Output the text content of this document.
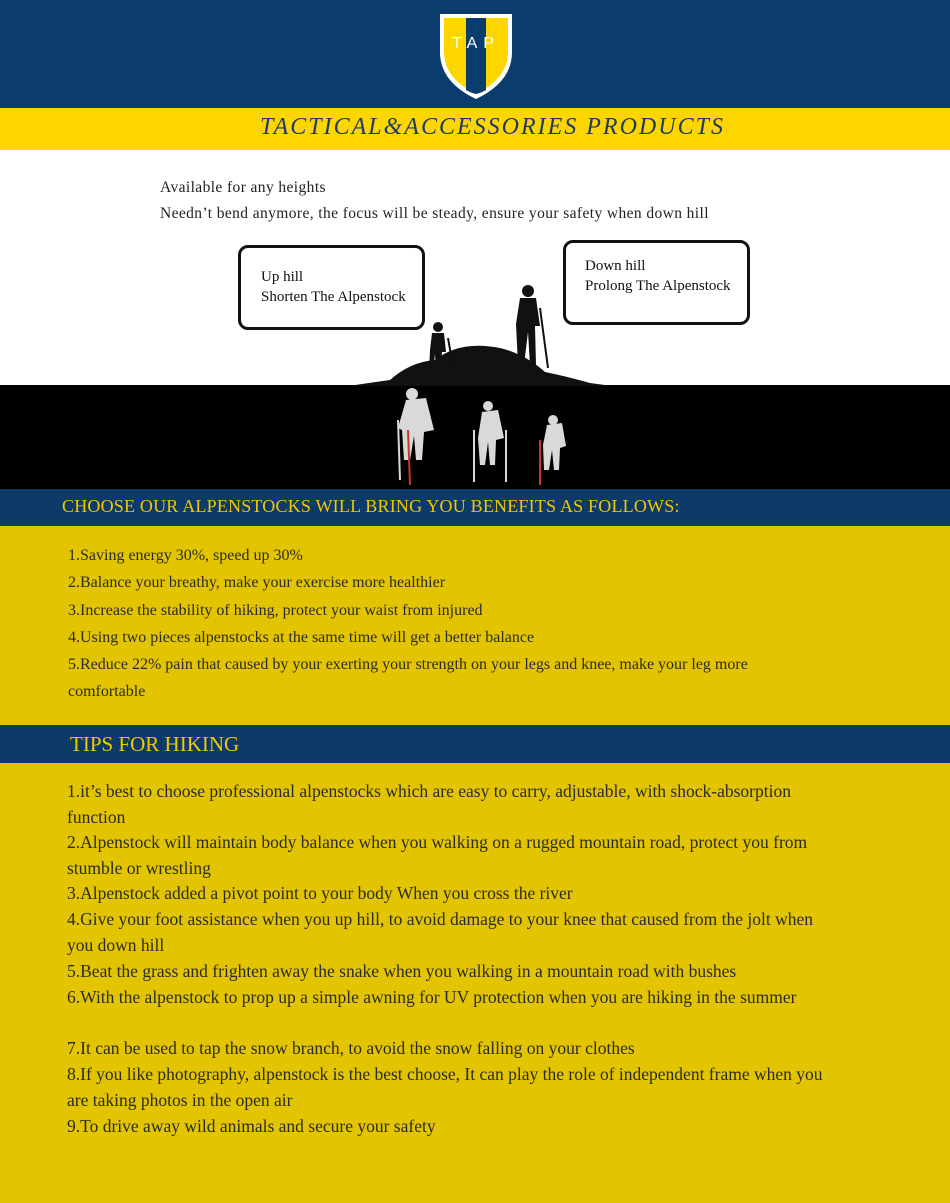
TAP
TACTICAL&ACCESSORIES PRODUCTS
Available for any heights
Needn’t bend anymore, the focus will be steady, ensure your safety when down hill
Up hill
Shorten The Alpenstock
Down hill
Prolong The Alpenstock
CHOOSE OUR ALPENSTOCKS WILL BRING YOU BENEFITS AS FOLLOWS:
1.Saving energy 30%, speed up 30%
2.Balance your breathy, make your exercise more healthier
3.Increase the stability of hiking, protect your waist from injured
4.Using two pieces alpenstocks at the same time will get a better balance
5.Reduce 22% pain that caused by your exerting your strength on your legs and knee, make your leg more comfortable
TIPS FOR HIKING
1.it’s best to choose professional alpenstocks which are easy to carry, adjustable, with shock-absorption function
2.Alpenstock will maintain body balance when you walking on a rugged mountain road, protect you from stumble or wrestling
3.Alpenstock added a pivot point to your body When you cross the river
4.Give your foot assistance when you up hill, to avoid damage to your knee that caused from the jolt when you down hill
5.Beat the grass and frighten away the snake when you walking in a mountain road with bushes
6.With the alpenstock to prop up a simple awning for UV protection when you are hiking in the summer
7.It can be used to tap the snow branch, to avoid the snow falling on your clothes
8.If you like photography, alpenstock is the best choose, It can play the role of independent frame when you are taking photos in the open air
9.To drive away wild animals and secure your safety
